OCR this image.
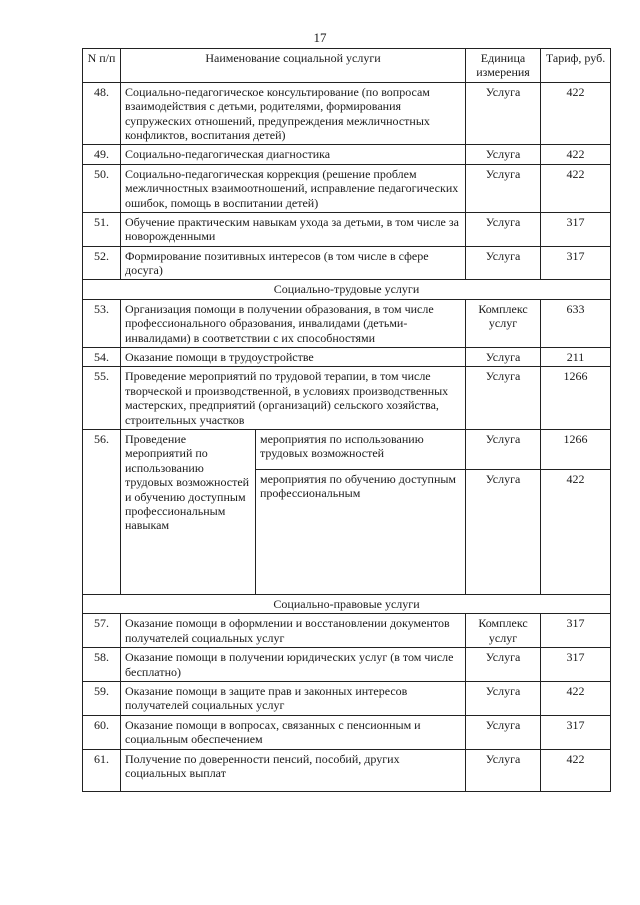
17
N п/п	Наименование социальной услуги		Единица измерения	Тариф, руб.
48.	Социально-педагогическое консультирование (по вопросам взаимодействия с детьми, родителями, формирования супружеских отношений, предупреждения межличностных конфликтов, воспитания детей)		Услуга	422
49.	Социально-педагогическая диагностика		Услуга	422
50.	Социально-педагогическая коррекция (решение проблем межличностных взаимоотношений, исправление педагогических ошибок, помощь в воспитании детей)		Услуга	422
51.	Обучение практическим навыкам ухода за детьми, в том числе за новорожденными		Услуга	317
52.	Формирование позитивных интересов (в том числе в сфере досуга)		Услуга	317
Социально-трудовые услуги				
53.	Организация помощи в получении образования, в том числе профессионального образования, инвалидами (детьми-инвалидами) в соответствии с их способностями		Комплекс услуг	633
54.	Оказание помощи в трудоустройстве		Услуга	211
55.	Проведение мероприятий по трудовой терапии, в том числе творческой и производственной, в условиях производственных мастерских, предприятий (организаций) сельского хозяйства, строительных участков		Услуга	1266
56.	Проведение мероприятий по использованию трудовых возможностей и обучению доступным профессиональным навыкам	мероприятия по использованию трудовых возможностей	Услуга	1266
		мероприятия по обучению доступным профессиональным	Услуга	422
Социально-правовые услуги				
57.	Оказание помощи в оформлении и восстановлении документов получателей социальных услуг		Комплекс услуг	317
58.	Оказание помощи в получении юридических услуг (в том числе бесплатно)		Услуга	317
59.	Оказание помощи в защите прав и законных интересов получателей социальных услуг		Услуга	422
60.	Оказание помощи в вопросах, связанных с пенсионным и социальным обеспечением		Услуга	317
61.	Получение по доверенности пенсий, пособий, других социальных выплат		Услуга	422
